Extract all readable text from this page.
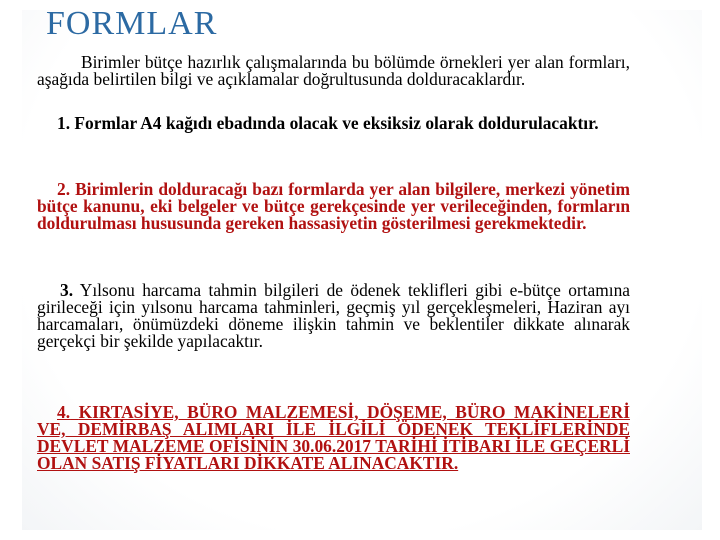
FORMLAR
Birimler bütçe hazırlık çalışmalarında bu bölümde örnekleri yer alan formları, aşağıda belirtilen bilgi ve açıklamalar doğrultusunda dolduracaklardır.
1. Formlar A4 kağıdı ebadında olacak ve eksiksiz olarak doldurulacaktır.
2. Birimlerin dolduracağı bazı formlarda yer alan bilgilere, merkezi yönetim bütçe kanunu, eki belgeler ve bütçe gerekçesinde yer verileceğinden, formların doldurulması hususunda gereken hassasiyetin gösterilmesi gerekmektedir.
3. Yılsonu harcama tahmin bilgileri de ödenek teklifleri gibi e-bütçe ortamına girileceği için yılsonu harcama tahminleri, geçmiş yıl gerçekleşmeleri, Haziran ayı harcamaları, önümüzdeki döneme ilişkin tahmin ve beklentiler dikkate alınarak gerçekçi bir şekilde yapılacaktır.
4. KIRTASİYE, BÜRO MALZEMESİ, DÖŞEME, BÜRO MAKİNELERİ VE, DEMİRBAŞ ALIMLARI İLE İLGİLİ ÖDENEK TEKLİFLERİNDE DEVLET MALZEME OFİSİNİN 30.06.2017 TARİHİ İTİBARI İLE GEÇERLİ OLAN SATIŞ FİYATLARI DİKKATE ALINACAKTIR.
